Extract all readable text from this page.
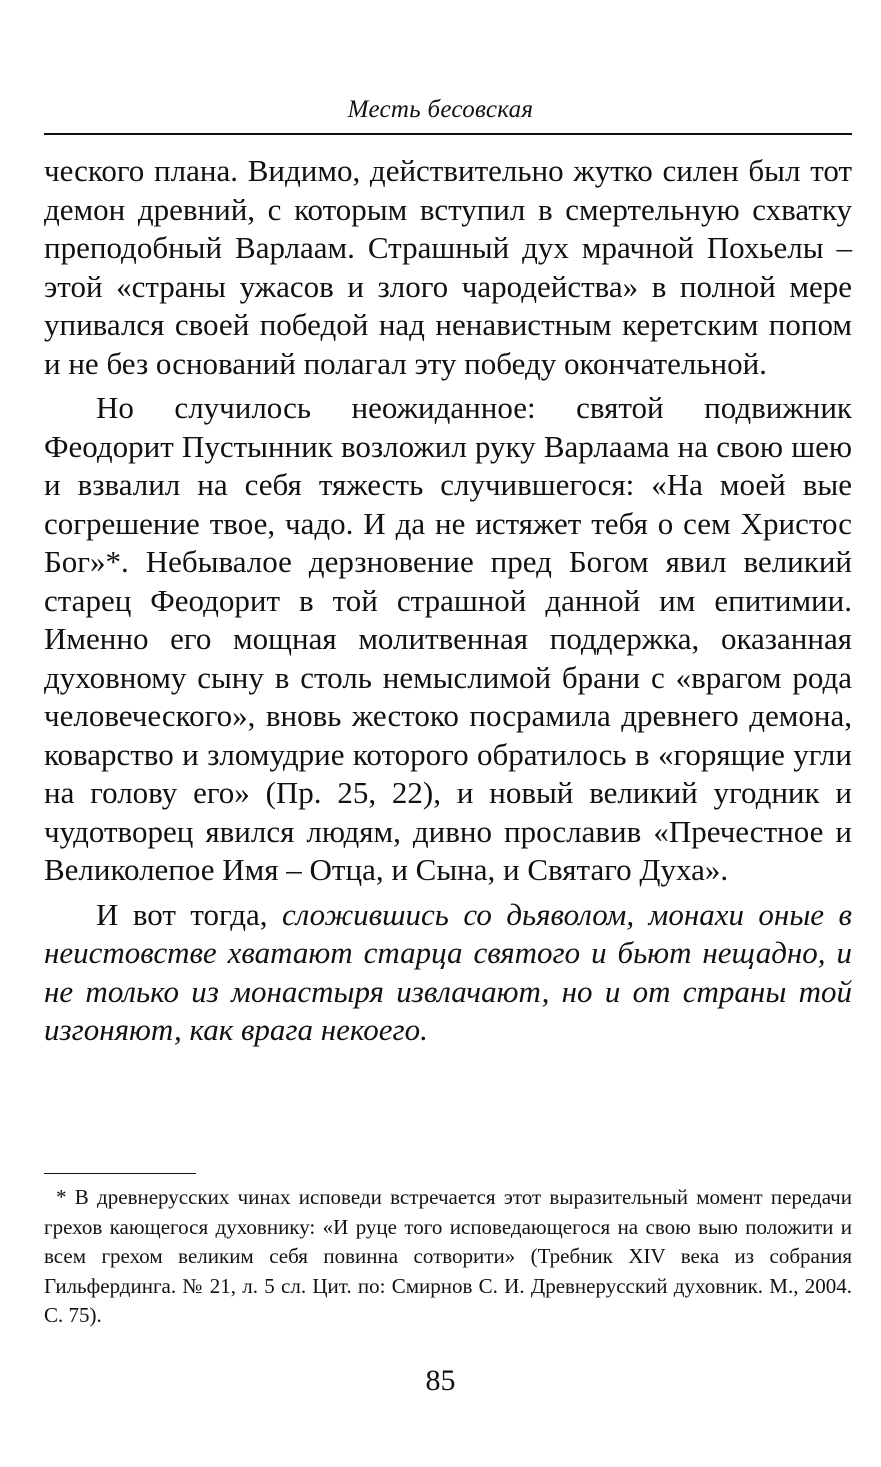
Месть бесовская

ческого плана. Видимо, действительно жутко силен был тот демон древний, с которым вступил в смертельную схватку преподобный Варлаам. Страшный дух мрачной Похьелы – этой «страны ужасов и злого чародейства» в полной мере упивался своей победой над ненавистным керетским попом и не без оснований полагал эту победу окончательной.

Но случилось неожиданное: святой подвижник Феодорит Пустынник возложил руку Варлаама на свою шею и взвалил на себя тяжесть случившегося: «На моей вые согрешение твое, чадо. И да не истяжет тебя о сем Христос Бог»*. Небывалое дерзновение пред Богом явил великий старец Феодорит в той страшной данной им епитимии. Именно его мощная молитвенная поддержка, оказанная духовному сыну в столь немыслимой брани с «врагом рода человеческого», вновь жестоко посрамила древнего демона, коварство и зломудрие которого обратилось в «горящие угли на голову его» (Пр. 25, 22), и новый великий угодник и чудотворец явился людям, дивно прославив «Пречестное и Великолепое Имя – Отца, и Сына, и Святаго Духа».

И вот тогда, сложившись со дьяволом, монахи оные в неистовстве хватают старца святого и бьют нещадно, и не только из монастыря извлачают, но и от страны той изгоняют, как врага некоего.

* В древнерусских чинах исповеди встречается этот выразительный момент передачи грехов кающегося духовнику: «И руце того исповедающегося на свою выю положити и всем грехом великим себя повинна сотворити» (Требник XIV века из собрания Гильфердинга. № 21, л. 5 сл. Цит. по: Смирнов С. И. Древнерусский духовник. М., 2004. С. 75).

85
